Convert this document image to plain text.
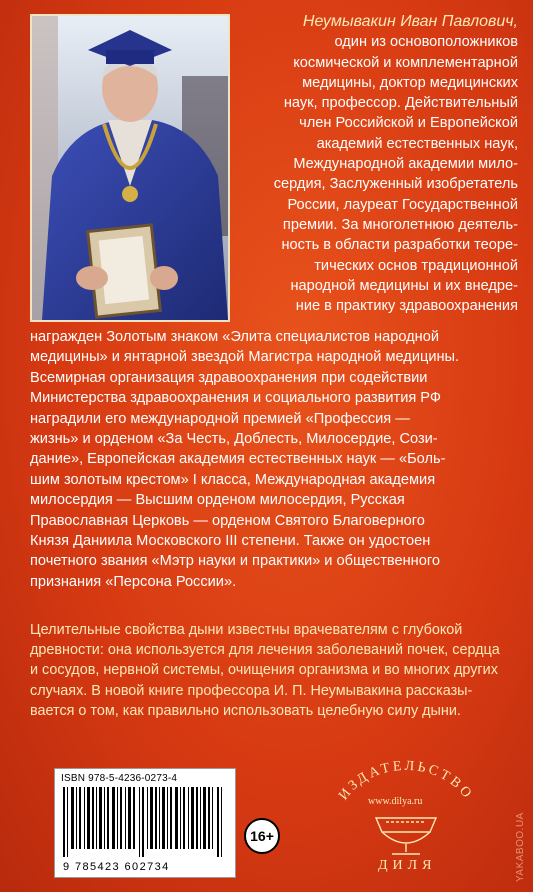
Неумывакин Иван Павлович,
один из основоположников
космической и комплементарной
медицины, доктор медицинских
наук, профессор. Действительный
член Российской и Европейской
академий естественных наук,
Международной академии мило-
сердия, Заслуженный изобретатель
России, лауреат Государственной
премии. За многолетнюю деятель-
ность в области разработки теоре-
тических основ традиционной
народной медицины и их внедре-
ние в практику здравоохранения
награжден Золотым знаком «Элита специалистов народной
медицины» и янтарной звездой Магистра народной медицины.
Всемирная организация здравоохранения при содействии
Министерства здравоохранения и социального развития РФ
наградили его международной премией «Профессия —
жизнь» и орденом «За Честь, Доблесть, Милосердие, Сози-
дание», Европейская академия естественных наук — «Боль-
шим золотым крестом» I класса, Международная академия
милосердия — Высшим орденом милосердия, Русская
Православная Церковь — орденом Святого Благоверного
Князя Даниила Московского III степени. Также он удостоен
почетного звания «Мэтр науки и практики» и общественного
признания «Персона России».
Целительные свойства дыни известны врачевателям с глубокой
древности: она используется для лечения заболеваний почек, сердца
и сосудов, нервной системы, очищения организма и во многих других
случаях. В новой книге профессора И. П. Неумывакина рассказы-
вается о том, как правильно использовать целебную силу дыни.
ISBN 978-5-4236-0273-4
9 785423 602734
16+
ИЗДАТЕЛЬСТВО
www.dilya.ru
ДИЛЯ	YAKABOO.UA
